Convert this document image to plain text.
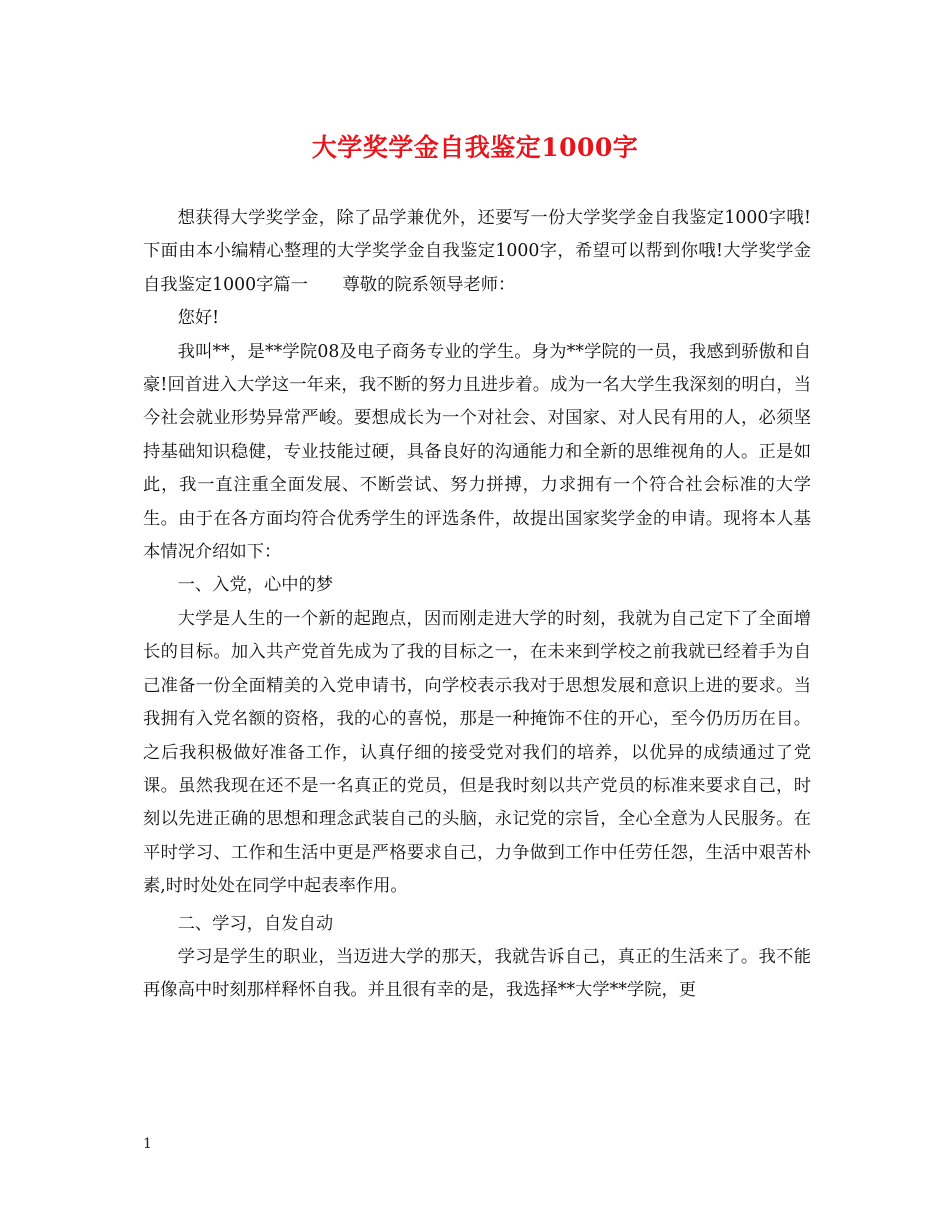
大学奖学金自我鉴定1000字

想获得大学奖学金，除了品学兼优外，还要写一份大学奖学金自我鉴定1000字哦!下面由本小编精心整理的大学奖学金自我鉴定1000字，希望可以帮到你哦!大学奖学金自我鉴定1000字篇一　　尊敬的院系领导老师：

您好!

我叫**，是**学院08及电子商务专业的学生。身为**学院的一员，我感到骄傲和自豪!回首进入大学这一年来，我不断的努力且进步着。成为一名大学生我深刻的明白，当今社会就业形势异常严峻。要想成长为一个对社会、对国家、对人民有用的人，必须坚持基础知识稳健，专业技能过硬，具备良好的沟通能力和全新的思维视角的人。正是如此，我一直注重全面发展、不断尝试、努力拼搏，力求拥有一个符合社会标准的大学生。由于在各方面均符合优秀学生的评选条件，故提出国家奖学金的申请。现将本人基本情况介绍如下：

一、入党，心中的梦

大学是人生的一个新的起跑点，因而刚走进大学的时刻，我就为自己定下了全面增长的目标。加入共产党首先成为了我的目标之一，在未来到学校之前我就已经着手为自己准备一份全面精美的入党申请书，向学校表示我对于思想发展和意识上进的要求。当我拥有入党名额的资格，我的心的喜悦，那是一种掩饰不住的开心，至今仍历历在目。之后我积极做好准备工作，认真仔细的接受党对我们的培养，以优异的成绩通过了党课。虽然我现在还不是一名真正的党员，但是我时刻以共产党员的标准来要求自己，时刻以先进正确的思想和理念武装自己的头脑，永记党的宗旨，全心全意为人民服务。在平时学习、工作和生活中更是严格要求自己，力争做到工作中任劳任怨，生活中艰苦朴素,时时处处在同学中起表率作用。

二、学习，自发自动

学习是学生的职业，当迈进大学的那天，我就告诉自己，真正的生活来了。我不能再像高中时刻那样释怀自我。并且很有幸的是，我选择**大学**学院，更

1
